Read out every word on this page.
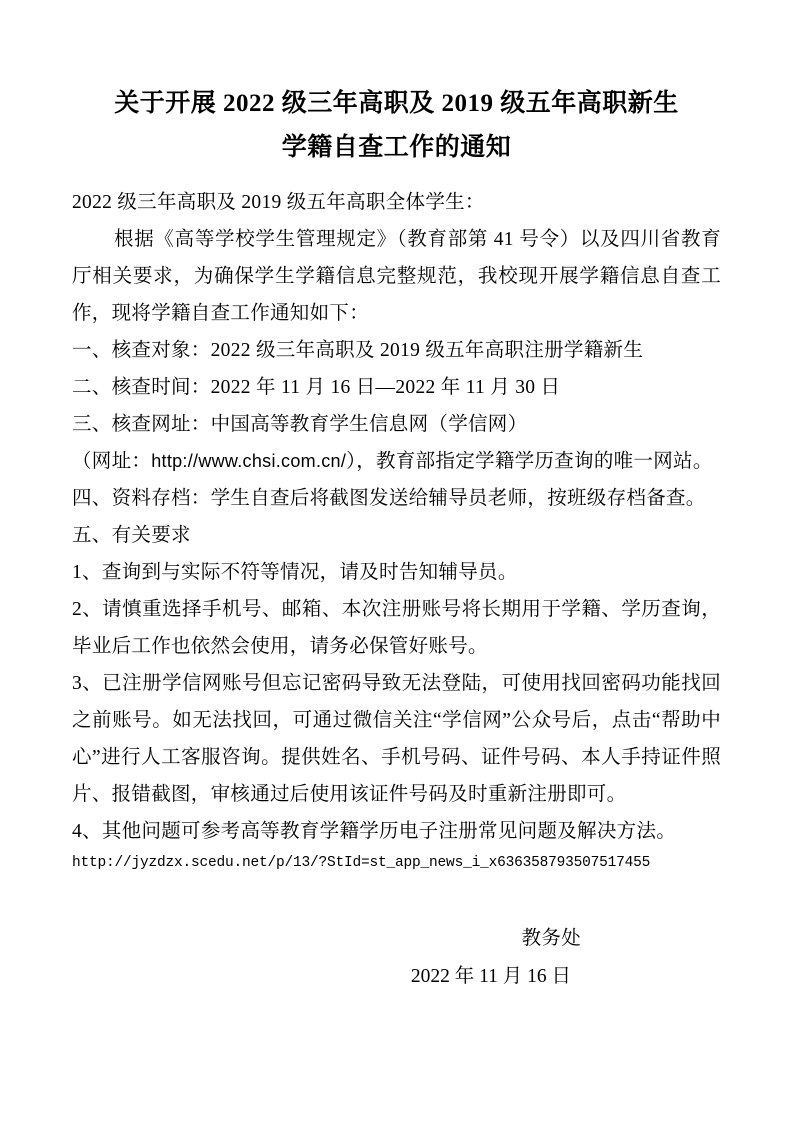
关于开展 2022 级三年高职及 2019 级五年高职新生
学籍自查工作的通知

2022 级三年高职及 2019 级五年高职全体学生：

根据《高等学校学生管理规定》（教育部第 41 号令）以及四川省教育厅相关要求，为确保学生学籍信息完整规范，我校现开展学籍信息自查工作，现将学籍自查工作通知如下：

一、核查对象：2022 级三年高职及 2019 级五年高职注册学籍新生

二、核查时间：2022 年 11 月 16 日—2022 年 11 月 30 日

三、核查网址：中国高等教育学生信息网（学信网）

（网址：http://www.chsi.com.cn/），教育部指定学籍学历查询的唯一网站。

四、资料存档：学生自查后将截图发送给辅导员老师，按班级存档备查。

五、有关要求

1、查询到与实际不符等情况，请及时告知辅导员。

2、请慎重选择手机号、邮箱、本次注册账号将长期用于学籍、学历查询，毕业后工作也依然会使用，请务必保管好账号。

3、已注册学信网账号但忘记密码导致无法登陆，可使用找回密码功能找回之前账号。如无法找回，可通过微信关注“学信网”公众号后，点击“帮助中心”进行人工客服咨询。提供姓名、手机号码、证件号码、本人手持证件照片、报错截图，审核通过后使用该证件号码及时重新注册即可。

4、其他问题可参考高等教育学籍学历电子注册常见问题及解决方法。

http://jyzdzx.scedu.net/p/13/?StId=st_app_news_i_x636358793507517455

教务处
2022 年 11 月 16 日
